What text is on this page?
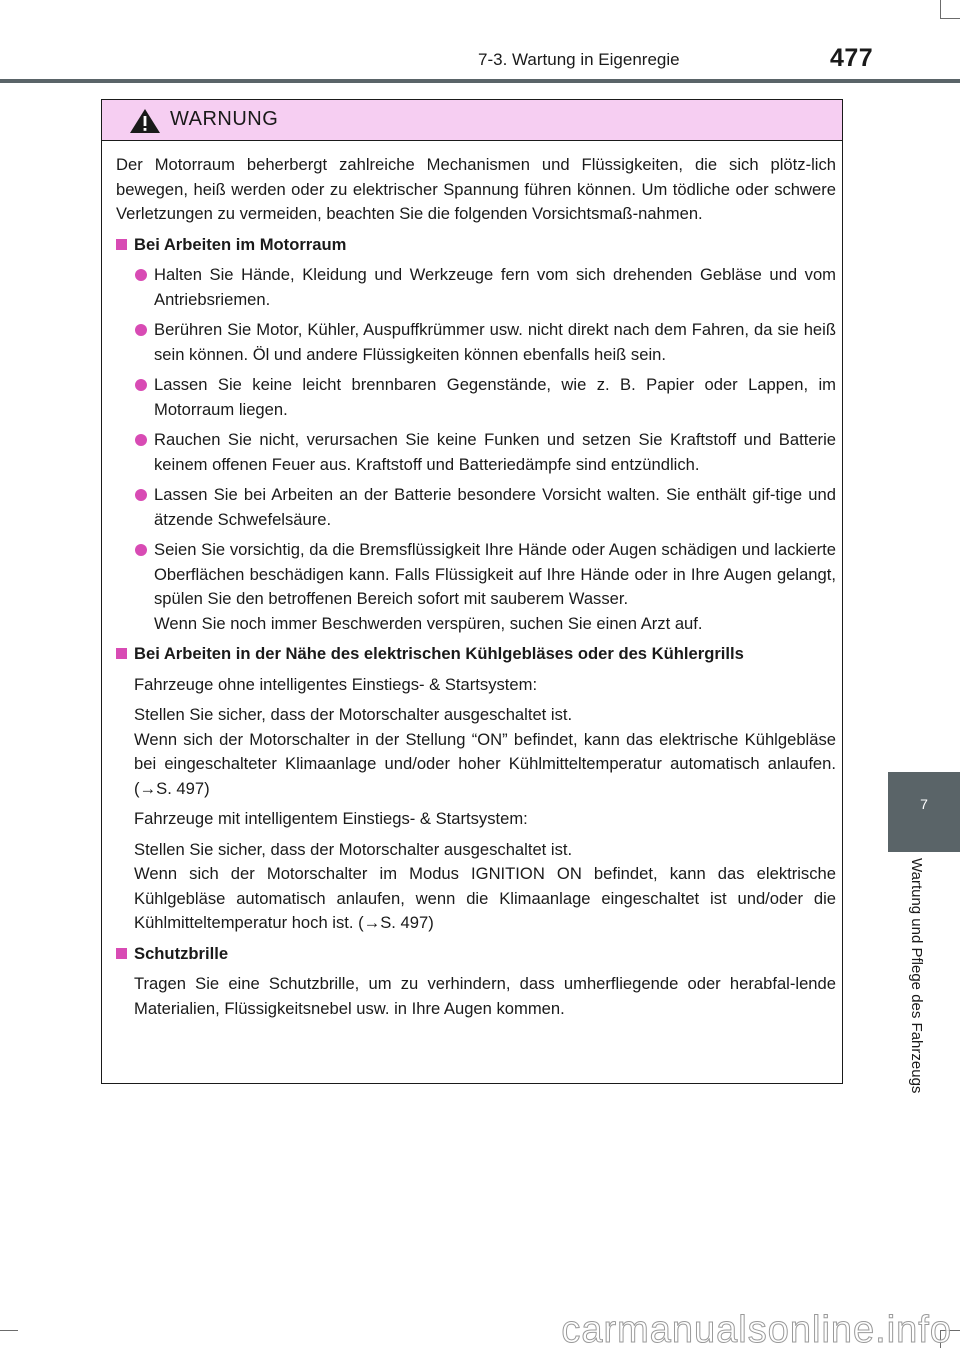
7-3. Wartung in Eigenregie	477
7
Wartung und Pflege des Fahrzeugs
WARNUNG

Der Motorraum beherbergt zahlreiche Mechanismen und Flüssigkeiten, die sich plötz-lich bewegen, heiß werden oder zu elektrischer Spannung führen können. Um tödliche oder schwere Verletzungen zu vermeiden, beachten Sie die folgenden Vorsichtsmaß-nahmen.

Bei Arbeiten im Motorraum
Halten Sie Hände, Kleidung und Werkzeuge fern vom sich drehenden Gebläse und vom Antriebsriemen.
Berühren Sie Motor, Kühler, Auspuffkrümmer usw. nicht direkt nach dem Fahren, da sie heiß sein können. Öl und andere Flüssigkeiten können ebenfalls heiß sein.
Lassen Sie keine leicht brennbaren Gegenstände, wie z. B. Papier oder Lappen, im Motorraum liegen.
Rauchen Sie nicht, verursachen Sie keine Funken und setzen Sie Kraftstoff und Batterie keinem offenen Feuer aus. Kraftstoff und Batteriedämpfe sind entzündlich.
Lassen Sie bei Arbeiten an der Batterie besondere Vorsicht walten. Sie enthält gif-tige und ätzende Schwefelsäure.
Seien Sie vorsichtig, da die Bremsflüssigkeit Ihre Hände oder Augen schädigen und lackierte Oberflächen beschädigen kann. Falls Flüssigkeit auf Ihre Hände oder in Ihre Augen gelangt, spülen Sie den betroffenen Bereich sofort mit sauberem Wasser.
Wenn Sie noch immer Beschwerden verspüren, suchen Sie einen Arzt auf.
Bei Arbeiten in der Nähe des elektrischen Kühlgebläses oder des Kühlergrills

Fahrzeuge ohne intelligentes Einstiegs- & Startsystem:

Stellen Sie sicher, dass der Motorschalter ausgeschaltet ist.
Wenn sich der Motorschalter in der Stellung “ON” befindet, kann das elektrische Kühlgebläse bei eingeschalteter Klimaanlage und/oder hoher Kühlmitteltemperatur automatisch anlaufen. (→S. 497)

Fahrzeuge mit intelligentem Einstiegs- & Startsystem:

Stellen Sie sicher, dass der Motorschalter ausgeschaltet ist.
Wenn sich der Motorschalter im Modus IGNITION ON befindet, kann das elektrische Kühlgebläse automatisch anlaufen, wenn die Klimaanlage eingeschaltet ist und/oder die Kühlmitteltemperatur hoch ist. (→S. 497)

Schutzbrille

Tragen Sie eine Schutzbrille, um zu verhindern, dass umherfliegende oder herabfal-lende Materialien, Flüssigkeitsnebel usw. in Ihre Augen kommen.

carmanualsonline.info
